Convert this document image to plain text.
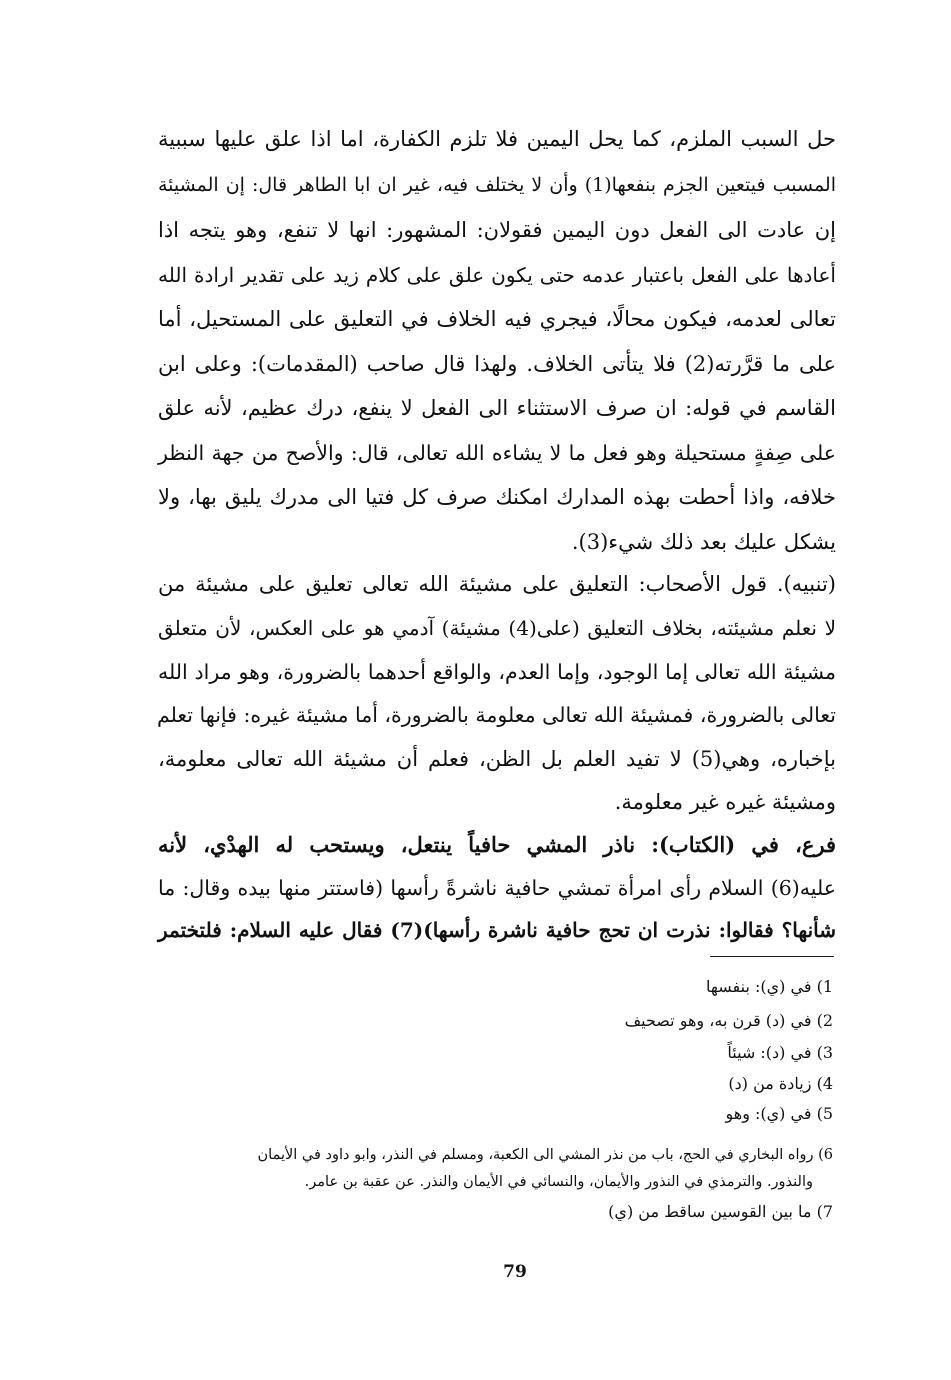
حل السبب الملزم، كما يحل اليمين فلا تلزم الكفارة، اما اذا علق عليها سببية
المسبب فيتعين الجزم بنفعها(1) وأن لا يختلف فيه، غير ان ابا الطاهر قال: إن المشيئة
إن عادت الى الفعل دون اليمين فقولان: المشهور: انها لا تنفع، وهو يتجه اذا
أعادها على الفعل باعتبار عدمه حتى يكون علق على كلام زيد على تقدير ارادة الله
تعالى لعدمه، فيكون محالًا، فيجري فيه الخلاف في التعليق على المستحيل، أما
على ما قرَّرته(2) فلا يتأتى الخلاف. ولهذا قال صاحب (المقدمات): وعلى ابن
القاسم في قوله: ان صرف الاستثناء الى الفعل لا ينفع، درك عظيم، لأنه علق
على صِفةٍ مستحيلة وهو فعل ما لا يشاءه الله تعالى، قال: والأصح من جهة النظر
خلافه، واذا أحطت بهذه المدارك امكنك صرف كل فتيا الى مدرك يليق بها، ولا
يشكل عليك بعد ذلك شيء(3).
(تنبيه). قول الأصحاب: التعليق على مشيئة الله تعالى تعليق على مشيئة من
لا نعلم مشيئته، بخلاف التعليق (على(4) مشيئة) آدمي هو على العكس، لأن متعلق
مشيئة الله تعالى إما الوجود، وإما العدم، والواقع أحدهما بالضرورة، وهو مراد الله
تعالى بالضرورة، فمشيئة الله تعالى معلومة بالضرورة، أما مشيئة غيره: فإنها تعلم
بإخباره، وهي(5) لا تفيد العلم بل الظن، فعلم أن مشيئة الله تعالى معلومة،
ومشيئة غيره غير معلومة.
فرع، في (الكتاب): ناذر المشي حافياً ينتعل، ويستحب له الهدْي، لأنه
عليه(6) السلام رأى امرأة تمشي حافية ناشرةً رأسها (فاستتر منها بيده وقال: ما
شأنها؟ فقالوا: نذرت ان تحج حافية ناشرة رأسها)(7) فقال عليه السلام: فلتختمر
1) في (ي): بنفسها
2) في (د) قرن به، وهو تصحيف
3) في (د): شيئاً
4) زيادة من (د)
5) في (ي): وهو
6) رواه البخاري في الحج، باب من نذر المشي الى الكعبة، ومسلم في النذر، وابو داود في الأيمان
والنذور. والترمذي في النذور والأيمان، والنسائي في الأيمان والنذر. عن عقبة بن عامر.
7) ما بين القوسين ساقط من (ي)
79
